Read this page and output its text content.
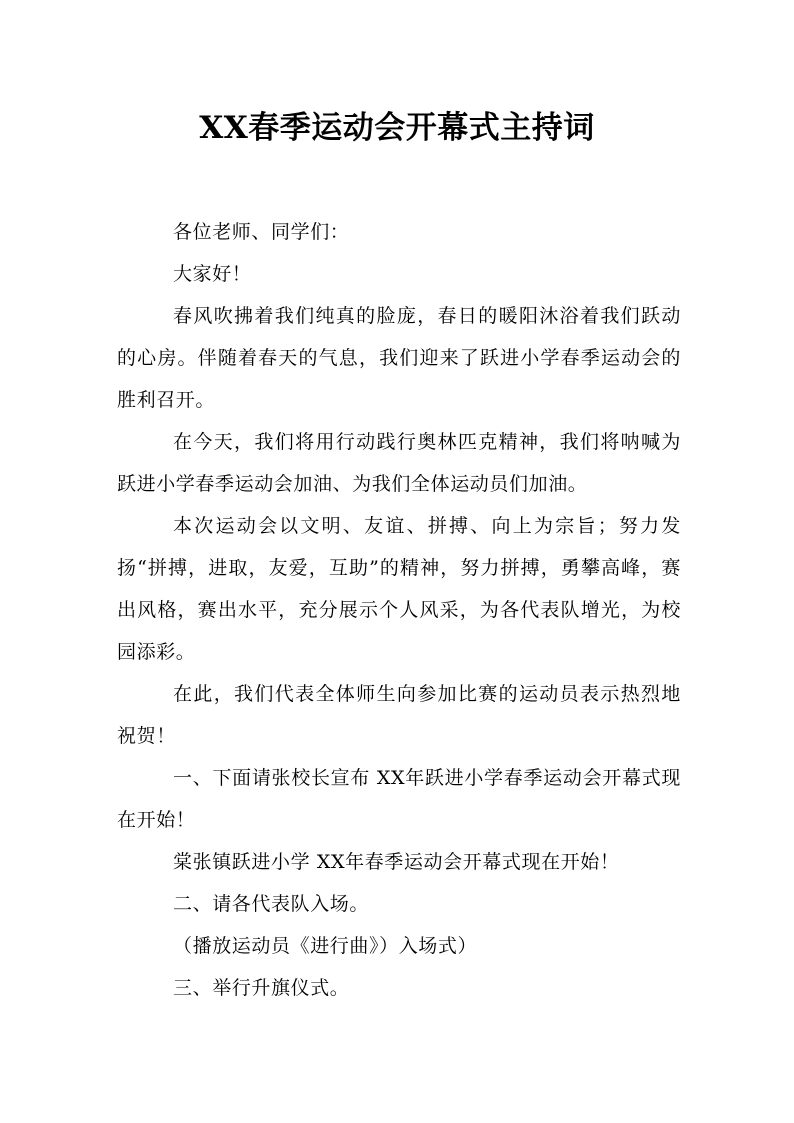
XX春季运动会开幕式主持词

各位老师、同学们：

大家好！

春风吹拂着我们纯真的脸庞，春日的暖阳沐浴着我们跃动的心房。伴随着春天的气息，我们迎来了跃进小学春季运动会的胜利召开。

在今天，我们将用行动践行奥林匹克精神，我们将呐喊为跃进小学春季运动会加油、为我们全体运动员们加油。

本次运动会以文明、友谊、拼搏、向上为宗旨；努力发扬“拼搏，进取，友爱，互助”的精神，努力拼搏，勇攀高峰，赛出风格，赛出水平，充分展示个人风采，为各代表队增光，为校园添彩。

在此，我们代表全体师生向参加比赛的运动员表示热烈地祝贺！

一、下面请张校长宣布 XX年跃进小学春季运动会开幕式现在开始！

棠张镇跃进小学 XX年春季运动会开幕式现在开始！

二、请各代表队入场。

（播放运动员《进行曲》）入场式）

三、举行升旗仪式。
